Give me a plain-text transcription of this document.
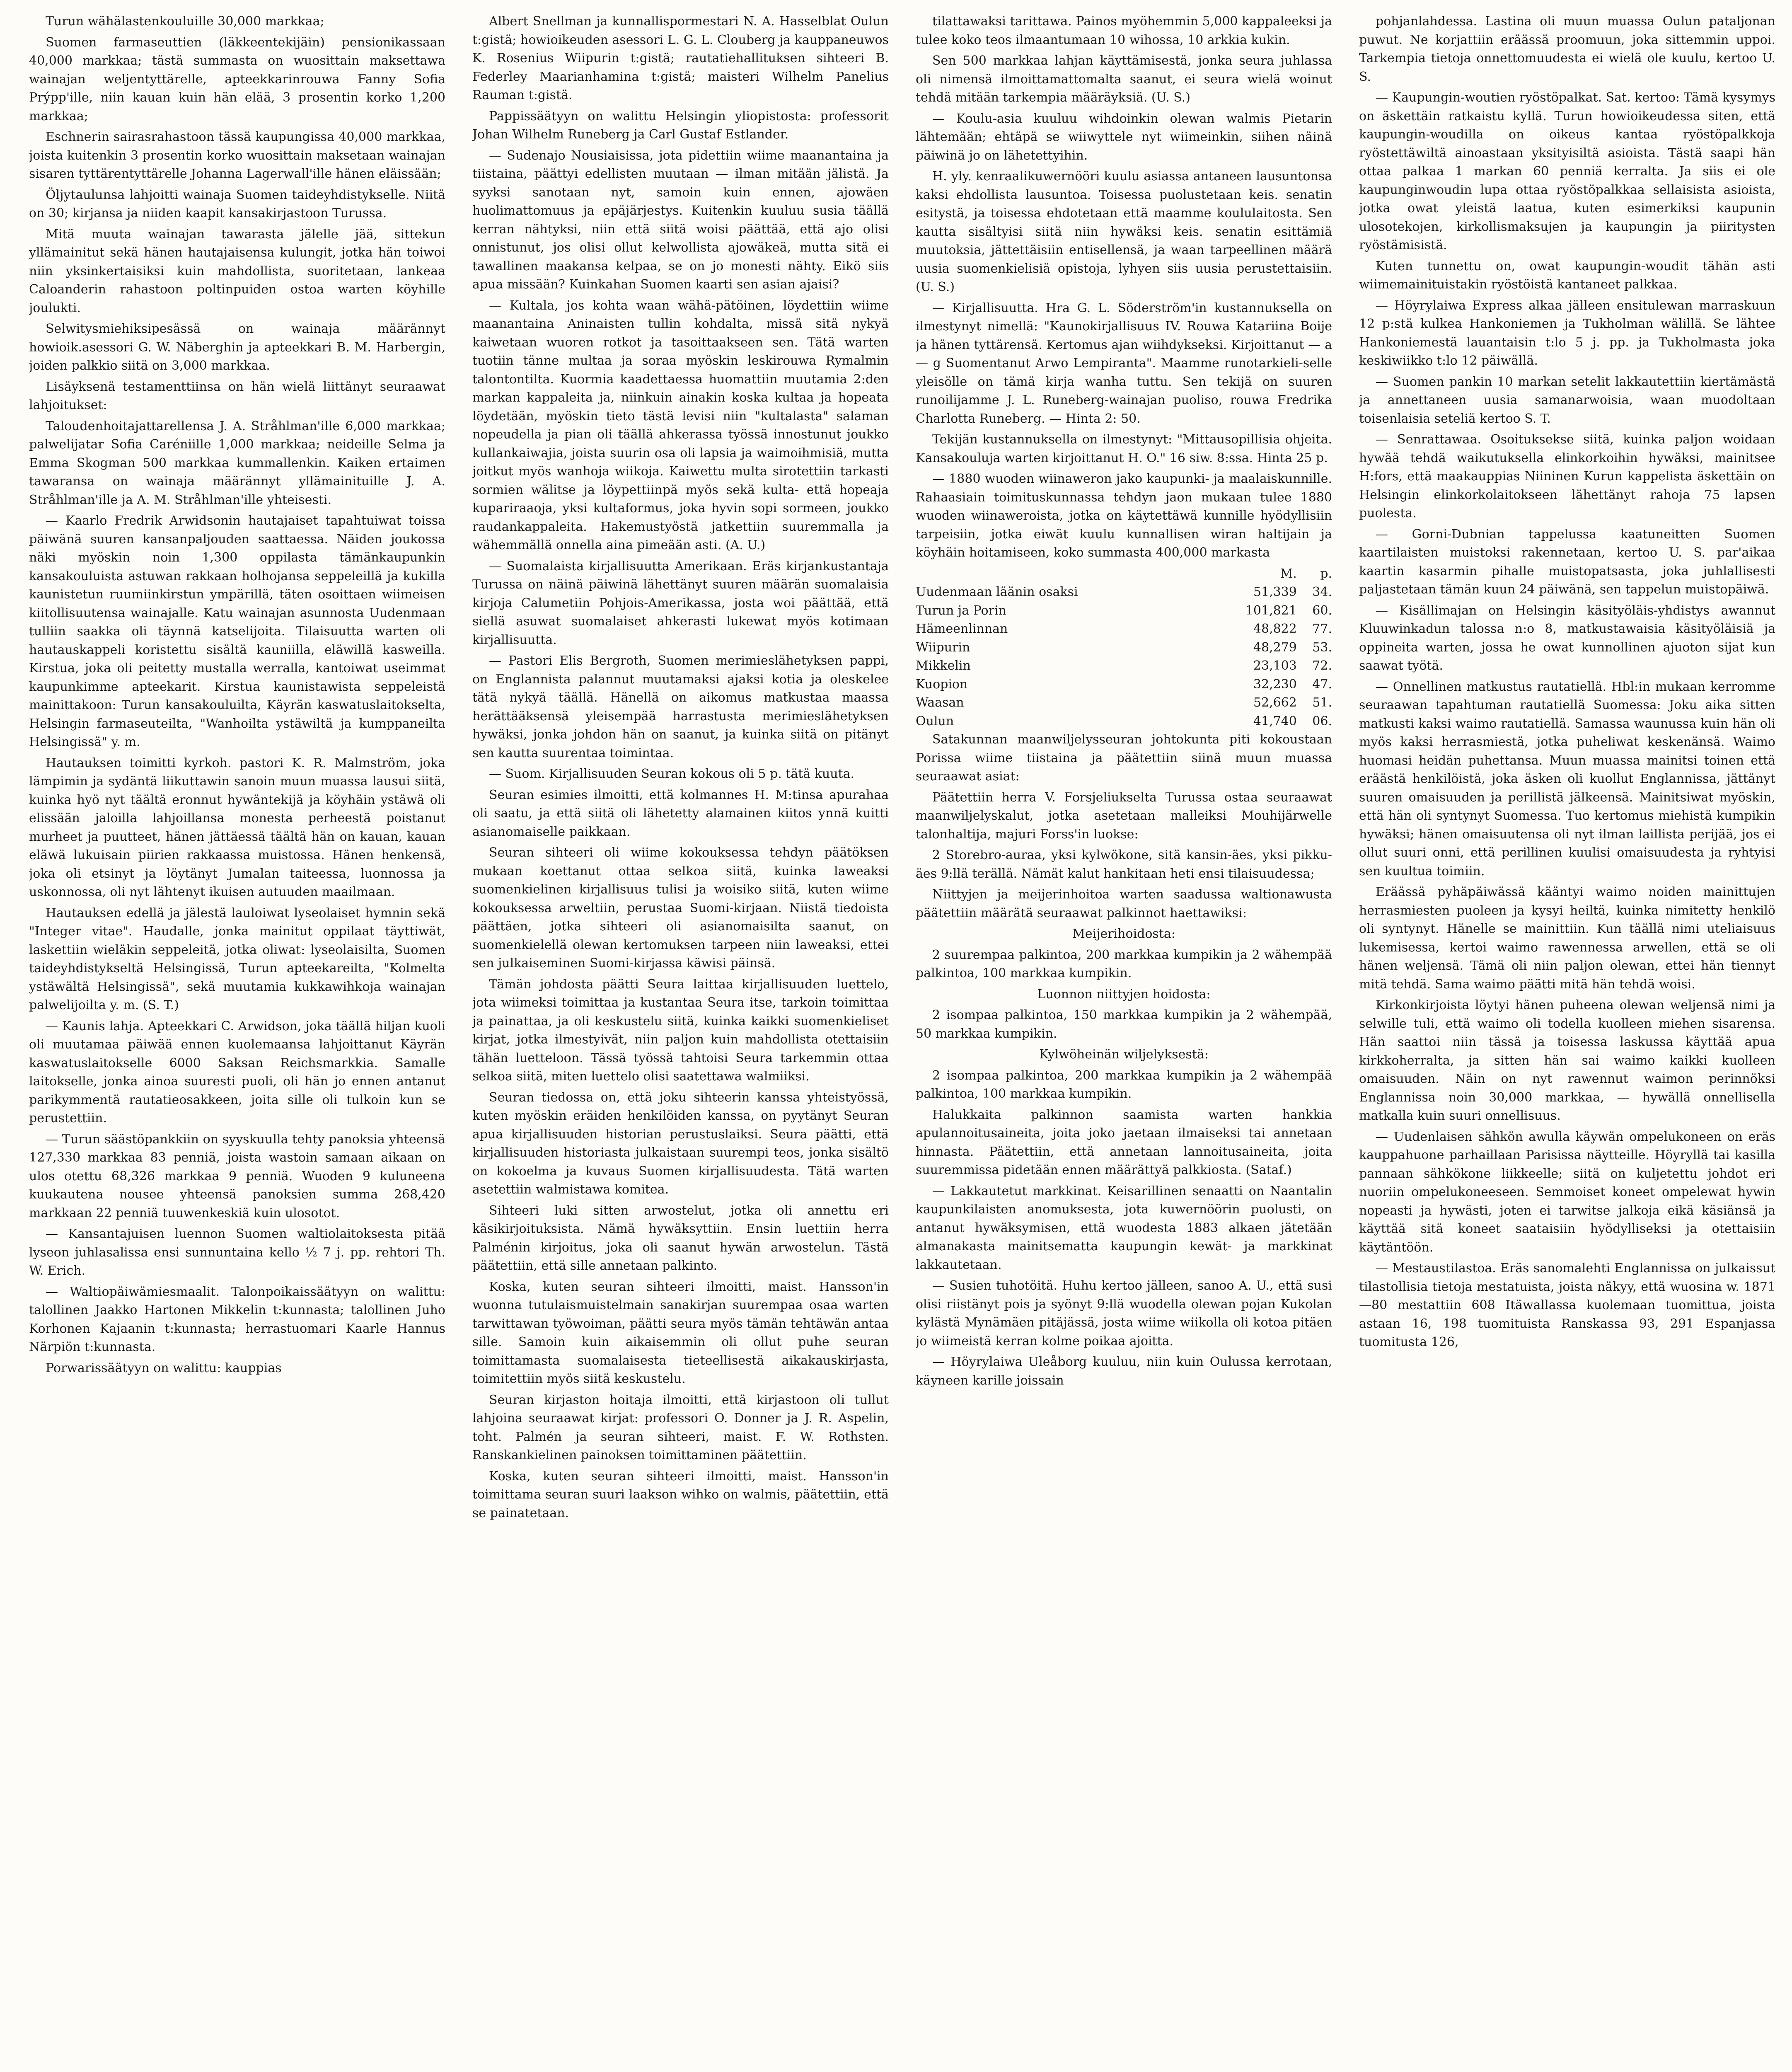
Turun wähälastenkouluille 30,000 markkaa;

Suomen farmaseuttien (läkkeentekijäin) pensionikassaan 40,000 markkaa; tästä summasta on wuosittain maksettawa wainajan weljentyttärelle, apteekkarinrouwa Fanny Sofia Prýpp'ille, niin kauan kuin hän elää, 3 prosentin korko 1,200 markkaa;

Eschnerin sairasrahastoon tässä kaupungissa 40,000 markkaa, joista kuitenkin 3 prosentin korko wuosittain maksetaan wainajan sisaren tyttärentyttärelle Johanna Lagerwall'ille hänen eläissään;

Öljytaulunsa lahjoitti wainaja Suomen taideyhdistykselle. Niitä on 30; kirjansa ja niiden kaapit kansakirjastoon Turussa.

Mitä muuta wainajan tawarasta jälelle jää, sittekun yllämainitut sekä hänen hautajaisensa kulungit, jotka hän toiwoi niin yksinkertaisiksi kuin mahdollista, suoritetaan, lankeaa Caloanderin rahastoon poltinpuiden ostoa warten köyhille joulukti.

Selwitysmiehiksipesässä on wainaja määrännyt howioik.asessori G. W. Näberghin ja apteekkari B. M. Harbergin, joiden palkkio siitä on 3,000 markkaa.

Lisäyksenä testamenttiinsa on hän wielä liittänyt seuraawat lahjoitukset:

Taloudenhoitajattarellensa J. A. Stråhlman'ille 6,000 markkaa; palwelijatar Sofia Caréniille 1,000 markkaa; neideille Selma ja Emma Skogman 500 markkaa kummallenkin. Kaiken ertaimen tawaransa on wainaja määrännyt yllämainituille J. A. Stråhlman'ille ja A. M. Stråhlman'ille yhteisesti.

— Kaarlo Fredrik Arwidsonin hautajaiset tapahtuiwat toissa päiwänä suuren kansanpaljouden saattaessa. Näiden joukossa näki myöskin noin 1,300 oppilasta tämänkaupunkin kansakouluista astuwan rakkaan holhojansa seppeleillä ja kukilla kaunistetun ruumiinkirstun ympärillä, täten osoittaen wiimeisen kiitollisuutensa wainajalle. Katu wainajan asunnosta Uudenmaan tulliin saakka oli täynnä katselijoita. Tilaisuutta warten oli hautauskappeli koristettu sisältä kauniilla, eläwillä kasweilla. Kirstua, joka oli peitetty mustalla werralla, kantoiwat useimmat kaupunkimme apteekarit. Kirstua kaunistawista seppeleistä mainittakoon: Turun kansakouluilta, Käyrän kaswatuslaitokselta, Helsingin farmaseuteilta, "Wanhoilta ystäwiltä ja kumppaneilta Helsingissä" y. m.

Hautauksen toimitti kyrkoh. pastori K. R. Malmström, joka lämpimin ja sydäntä liikuttawin sanoin muun muassa lausui siitä, kuinka hyö nyt täältä eronnut hywäntekijä ja köyhäin ystäwä oli elissään jaloilla lahjoillansa monesta perheestä poistanut murheet ja puutteet, hänen jättäessä täältä hän on kauan, kauan eläwä lukuisain piirien rakkaassa muistossa. Hänen henkensä, joka oli etsinyt ja löytänyt Jumalan taiteessa, luonnossa ja uskonnossa, oli nyt lähtenyt ikuisen autuuden maailmaan.

Hautauksen edellä ja jälestä lauloiwat lyseolaiset hymnin sekä "Integer vitae". Haudalle, jonka mainitut oppilaat täyttiwät, laskettiin wieläkin seppeleitä, jotka oliwat: lyseolaisilta, Suomen taideyhdistykseltä Helsingissä, Turun apteekareilta, "Kolmelta ystäwältä Helsingissä", sekä muutamia kukkawihkoja wainajan palwelijoilta y. m. (S. T.)

— Kaunis lahja. Apteekkari C. Arwidson, joka täällä hiljan kuoli oli muutamaa päiwää ennen kuolemaansa lahjoittanut Käyrän kaswatuslaitokselle 6000 Saksan Reichsmarkkia. Samalle laitokselle, jonka ainoa suuresti puoli, oli hän jo ennen antanut parikymmentä rautatieosakkeen, joita sille oli tulkoin kun se perustettiin.

— Turun säästöpankkiin on syyskuulla tehty panoksia yhteensä 127,330 markkaa 83 penniä, joista wastoin samaan aikaan on ulos otettu 68,326 markkaa 9 penniä. Wuoden 9 kuluneena kuukautena nousee yhteensä panoksien summa 268,420 markkaan 22 penniä tuuwenkeskiä kuin ulosotot.

— Kansantajuisen luennon Suomen waltiolaitoksesta pitää lyseon juhlasalissa ensi sunnuntaina kello ½ 7 j. pp. rehtori Th. W. Erich.

— Waltiopäiwämiesmaalit. Talonpoikaissäätyyn on walittu: talollinen Jaakko Hartonen Mikkelin t:kunnasta; talollinen Juho Korhonen Kajaanin t:kunnasta; herrastuomari Kaarle Hannus Närpiön t:kunnasta.

Porwarissäätyyn on walittu: kauppias

Albert Snellman ja kunnallispormestari N. A. Hasselblat Oulun t:gistä; howioikeuden asessori L. G. L. Clouberg ja kauppaneuwos K. Rosenius Wiipurin t:gistä; rautatiehallituksen sihteeri B. Federley Maarianhamina t:gistä; maisteri Wilhelm Panelius Rauman t:gistä.

Pappissäätyyn on walittu Helsingin yliopistosta: professorit Johan Wilhelm Runeberg ja Carl Gustaf Estlander.

— Sudenajo Nousiaisissa, jota pidettiin wiime maanantaina ja tiistaina, päättyi edellisten muutaan — ilman mitään jälistä. Ja syyksi sanotaan nyt, samoin kuin ennen, ajowäen huolimattomuus ja epäjärjestys. Kuitenkin kuuluu susia täällä kerran nähtyksi, niin että siitä woisi päättää, että ajo olisi onnistunut, jos olisi ollut kelwollista ajowäkeä, mutta sitä ei tawallinen maakansa kelpaa, se on jo monesti nähty. Eikö siis apua missään? Kuinkahan Suomen kaarti sen asian ajaisi?

— Kultala, jos kohta waan wähä-pätöinen, löydettiin wiime maanantaina Aninaisten tullin kohdalta, missä sitä nykyä kaiwetaan wuoren rotkot ja tasoittaakseen sen. Tätä warten tuotiin tänne multaa ja soraa myöskin leskirouwa Rymalmin talontontilta. Kuormia kaadettaessa huomattiin muutamia 2:den markan kappaleita ja, niinkuin ainakin koska kultaa ja hopeata löydetään, myöskin tieto tästä levisi niin "kultalasta" salaman nopeudella ja pian oli täällä ahkerassa työssä innostunut joukko kullankaiwajia, joista suurin osa oli lapsia ja waimoihmisiä, mutta joitkut myös wanhoja wiikoja. Kaiwettu multa sirotettiin tarkasti sormien wälitse ja löypettiinpä myös sekä kulta- että hopeaja kupariraaoja, yksi kultaformus, joka hyvin sopi sormeen, joukko raudankappaleita. Hakemustyöstä jatkettiin suuremmalla ja wähemmällä onnella aina pimeään asti. (A. U.)

— Suomalaista kirjallisuutta Amerikaan. Eräs kirjankustantaja Turussa on näinä päiwinä lähettänyt suuren määrän suomalaisia kirjoja Calumetiin Pohjois-Amerikassa, josta woi päättää, että siellä asuwat suomalaiset ahkerasti lukewat myös kotimaan kirjallisuutta.

— Pastori Elis Bergroth, Suomen merimieslähetyksen pappi, on Englannista palannut muutamaksi ajaksi kotia ja oleskelee tätä nykyä täällä. Hänellä on aikomus matkustaa maassa herättääksensä yleisempää harrastusta merimieslähetyksen hywäksi, jonka johdon hän on saanut, ja kuinka siitä on pitänyt sen kautta suurentaa toimintaa.

— Suom. Kirjallisuuden Seuran kokous oli 5 p. tätä kuuta.

Seuran esimies ilmoitti, että kolmannes H. M:tinsa apurahaa oli saatu, ja että siitä oli lähetetty alamainen kiitos ynnä kuitti asianomaiselle paikkaan.

Seuran sihteeri oli wiime kokouksessa tehdyn päätöksen mukaan koettanut ottaa selkoa siitä, kuinka laweaksi suomenkielinen kirjallisuus tulisi ja woisiko siitä, kuten wiime kokouksessa arweltiin, perustaa Suomi-kirjaan. Niistä tiedoista päättäen, jotka sihteeri oli asianomaisilta saanut, on suomenkielellä olewan kertomuksen tarpeen niin laweaksi, ettei sen julkaiseminen Suomi-kirjassa käwisi päinsä.

Tämän johdosta päätti Seura laittaa kirjallisuuden luettelo, jota wiimeksi toimittaa ja kustantaa Seura itse, tarkoin toimittaa ja painattaa, ja oli keskustelu siitä, kuinka kaikki suomenkieliset kirjat, jotka ilmestyivät, niin paljon kuin mahdollista otettaisiin tähän luetteloon. Tässä työssä tahtoisi Seura tarkemmin ottaa selkoa siitä, miten luettelo olisi saatettawa walmiiksi.

Seuran tiedossa on, että joku sihteerin kanssa yhteistyössä, kuten myöskin eräiden henkilöiden kanssa, on pyytänyt Seuran apua kirjallisuuden historian perustuslaiksi. Seura päätti, että kirjallisuuden historiasta julkaistaan suurempi teos, jonka sisältö on kokoelma ja kuvaus Suomen kirjallisuudesta. Tätä warten asetettiin walmistawa komitea.

Sihteeri luki sitten arwostelut, jotka oli annettu eri käsikirjoituksista. Nämä hywäksyttiin. Ensin luettiin herra Palménin kirjoitus, joka oli saanut hywän arwostelun. Tästä päätettiin, että sille annetaan palkinto.

Koska, kuten seuran sihteeri ilmoitti, maist. Hansson'in wuonna tutulaismuistelmain sanakirjan suurempaa osaa warten tarwittawan työwoiman, päätti seura myös tämän tehtäwän antaa sille. Samoin kuin aikaisemmin oli ollut puhe seuran toimittamasta suomalaisesta tieteellisestä aikakauskirjasta, toimitettiin myös siitä keskustelu.

Seuran kirjaston hoitaja ilmoitti, että kirjastoon oli tullut lahjoina seuraawat kirjat: professori O. Donner ja J. R. Aspelin, toht. Palmén ja seuran sihteeri, maist. F. W. Rothsten. Ranskankielinen painoksen toimittaminen päätettiin.

Koska, kuten seuran sihteeri ilmoitti, maist. Hansson'in toimittama seuran suuri laakson wihko on walmis, päätettiin, että se painatetaan.

tilattawaksi tarittawa. Painos myöhemmin 5,000 kappaleeksi ja tulee koko teos ilmaantumaan 10 wihossa, 10 arkkia kukin.

Sen 500 markkaa lahjan käyttämisestä, jonka seura juhlassa oli nimensä ilmoittamattomalta saanut, ei seura wielä woinut tehdä mitään tarkempia määräyksiä. (U. S.)

— Koulu-asia kuuluu wihdoinkin olewan walmis Pietarin lähtemään; ehtäpä se wiiwyttele nyt wiimeinkin, siihen näinä päiwinä jo on lähetettyihin.

H. yly. kenraalikuwernööri kuulu asiassa antaneen lausuntonsa kaksi ehdollista lausuntoa. Toisessa puolustetaan keis. senatin esitystä, ja toisessa ehdotetaan että maamme koululaitosta. Sen kautta sisältyisi siitä niin hywäksi keis. senatin esittämiä muutoksia, jättettäisiin entisellensä, ja waan tarpeellinen määrä uusia suomenkielisiä opistoja, lyhyen siis uusia perustettaisiin. (U. S.)

— Kirjallisuutta. Hra G. L. Söderström'in kustannuksella on ilmestynyt nimellä: "Kaunokirjallisuus IV. Rouwa Katariina Boije ja hänen tyttärensä. Kertomus ajan wiihdykseksi. Kirjoittanut — a — g Suomentanut Arwo Lempiranta". Maamme runotarkieli-selle yleisölle on tämä kirja wanha tuttu. Sen tekijä on suuren runoilijamme J. L. Runeberg-wainajan puoliso, rouwa Fredrika Charlotta Runeberg. — Hinta 2: 50.

Tekijän kustannuksella on ilmestynyt: "Mittausopillisia ohjeita. Kansakouluja warten kirjoittanut H. O." 16 siw. 8:ssa. Hinta 25 p.

— 1880 wuoden wiinaweron jako kaupunki- ja maalaiskunnille. Rahaasiain toimituskunnassa tehdyn jaon mukaan tulee 1880 wuoden wiinaweroista, jotka on käytettäwä kunnille hyödyllisiin tarpeisiin, jotka eiwät kuulu kunnallisen wiran haltijain ja köyhäin hoitamiseen, koko summasta 400,000 markasta

	M.	p.
Uudenmaan läänin osaksi	51,339	34.
Turun ja Porin	101,821	60.
Hämeenlinnan	48,822	77.
Wiipurin	48,279	53.
Mikkelin	23,103	72.
Kuopion	32,230	47.
Waasan	52,662	51.
Oulun	41,740	06.

Satakunnan maanwiljelysseuran johtokunta piti kokoustaan Porissa wiime tiistaina ja päätettiin siinä muun muassa seuraawat asiat:

Päätettiin herra V. Forsjeliukselta Turussa ostaa seuraawat maanwiljelyskalut, jotka asetetaan malleiksi Mouhijärwelle talonhaltija, majuri Forss'in luokse:

2 Storebro-auraa, yksi kylwökone, sitä kansin-äes, yksi pikku-äes 9:llä terällä. Nämät kalut hankitaan heti ensi tilaisuudessa;

Niittyjen ja meijerinhoitoa warten saadussa waltionawusta päätettiin määrätä seuraawat palkinnot haettawiksi:

Meijerihoidosta:

2 suurempaa palkintoa, 200 markkaa kumpikin ja 2 wähempää palkintoa, 100 markkaa kumpikin.

Luonnon niittyjen hoidosta:

2 isompaa palkintoa, 150 markkaa kumpikin ja 2 wähempää, 50 markkaa kumpikin.

Kylwöheinän wiljelyksestä:

2 isompaa palkintoa, 200 markkaa kumpikin ja 2 wähempää palkintoa, 100 markkaa kumpikin.

Halukkaita palkinnon saamista warten hankkia apulannoitusaineita, joita joko jaetaan ilmaiseksi tai annetaan hinnasta. Päätettiin, että annetaan lannoitusaineita, joita suuremmissa pidetään ennen määrättyä palkkiosta. (Sataf.)

— Lakkautetut markkinat. Keisarillinen senaatti on Naantalin kaupunkilaisten anomuksesta, jota kuwernöörin puolusti, on antanut hywäksymisen, että wuodesta 1883 alkaen jätetään almanakasta mainitsematta kaupungin kewät- ja markkinat lakkautetaan.

— Susien tuhotöitä. Huhu kertoo jälleen, sanoo A. U., että susi olisi riistänyt pois ja syönyt 9:llä wuodella olewan pojan Kukolan kylästä Mynämäen pitäjässä, josta wiime wiikolla oli kotoa pitäen jo wiimeistä kerran kolme poikaa ajoitta.

— Höyrylaiwa Uleåborg kuuluu, niin kuin Oulussa kerrotaan, käyneen karille joissain

pohjanlahdessa. Lastina oli muun muassa Oulun pataljonan puwut. Ne korjattiin eräässä proomuun, joka sittemmin uppoi. Tarkempia tietoja onnettomuudesta ei wielä ole kuulu, kertoo U. S.

— Kaupungin-woutien ryöstöpalkat. Sat. kertoo: Tämä kysymys on äskettäin ratkaistu kyllä. Turun howioikeudessa siten, että kaupungin-woudilla on oikeus kantaa ryöstöpalkkoja ryöstettäwiltä ainoastaan yksityisiltä asioista. Tästä saapi hän ottaa palkaa 1 markan 60 penniä kerralta. Ja siis ei ole kaupunginwoudin lupa ottaa ryöstöpalkkaa sellaisista asioista, jotka owat yleistä laatua, kuten esimerkiksi kaupunin ulosotekojen, kirkollismaksujen ja kaupungin ja piiritysten ryöstämisistä.

Kuten tunnettu on, owat kaupungin-woudit tähän asti wiimemainituistakin ryöstöistä kantaneet palkkaa.

— Höyrylaiwa Express alkaa jälleen ensitulewan marraskuun 12 p:stä kulkea Hankoniemen ja Tukholman wälillä. Se lähtee Hankoniemestä lauantaisin t:lo 5 j. pp. ja Tukholmasta joka keskiwiikko t:lo 12 päiwällä.

— Suomen pankin 10 markan setelit lakkautettiin kiertämästä ja annettaneen uusia samanarwoisia, waan muodoltaan toisenlaisia seteliä kertoo S. T.

— Senrattawaa. Osoituksekse siitä, kuinka paljon woidaan hywää tehdä waikutuksella elinkorkoihin hywäksi, mainitsee H:fors, että maakauppias Niininen Kurun kappelista äskettäin on Helsingin elinkorkolaitokseen lähettänyt rahoja 75 lapsen puolesta.

— Gorni-Dubnian tappelussa kaatuneitten Suomen kaartilaisten muistoksi rakennetaan, kertoo U. S. par'aikaa kaartin kasarmin pihalle muistopatsasta, joka juhlallisesti paljastetaan tämän kuun 24 päiwänä, sen tappelun muistopäiwä.

— Kisällimajan on Helsingin käsityöläis-yhdistys awannut Kluuwinkadun talossa n:o 8, matkustawaisia käsityöläisiä ja oppineita warten, jossa he owat kunnollinen ajuoton sijat kun saawat työtä.

— Onnellinen matkustus rautatiellä. Hbl:in mukaan kerromme seuraawan tapahtuman rautatiellä Suomessa: Joku aika sitten matkusti kaksi waimo rautatiellä. Samassa waunussa kuin hän oli myös kaksi herrasmiestä, jotka puheliwat keskenänsä. Waimo huomasi heidän puhettansa. Muun muassa mainitsi toinen että eräästä henkilöistä, joka äsken oli kuollut Englannissa, jättänyt suuren omaisuuden ja perillistä jälkeensä. Mainitsiwat myöskin, että hän oli syntynyt Suomessa. Tuo kertomus miehistä kumpikin hywäksi; hänen omaisuutensa oli nyt ilman laillista perijää, jos ei ollut suuri onni, että perillinen kuulisi omaisuudesta ja ryhtyisi sen kuultua toimiin.

Eräässä pyhäpäiwässä kääntyi waimo noiden mainittujen herrasmiesten puoleen ja kysyi heiltä, kuinka nimitetty henkilö oli syntynyt. Hänelle se mainittiin. Kun täällä nimi uteliaisuus lukemisessa, kertoi waimo rawennessa arwellen, että se oli hänen weljensä. Tämä oli niin paljon olewan, ettei hän tiennyt mitä tehdä. Sama waimo päätti mitä hän tehdä woisi.

Kirkonkirjoista löytyi hänen puheena olewan weljensä nimi ja selwille tuli, että waimo oli todella kuolleen miehen sisarensa. Hän saattoi niin tässä ja toisessa laskussa käyttää apua kirkkoherralta, ja sitten hän sai waimo kaikki kuolleen omaisuuden. Näin on nyt rawennut waimon perinnöksi Englannissa noin 30,000 markkaa, — hywällä onnellisella matkalla kuin suuri onnellisuus.

— Uudenlaisen sähkön awulla käywän ompelukoneen on eräs kauppahuone parhaillaan Parisissa näytteille. Höyryllä tai kasilla pannaan sähkökone liikkeelle; siitä on kuljetettu johdot eri nuoriin ompelukoneeseen. Semmoiset koneet ompelewat hywin nopeasti ja hywästi, joten ei tarwitse jalkoja eikä käsiänsä ja käyttää sitä koneet saataisiin hyödylliseksi ja otettaisiin käytäntöön.

— Mestaustilastoa. Eräs sanomalehti Englannissa on julkaissut tilastollisia tietoja mestatuista, joista näkyy, että wuosina w. 1871—80 mestattiin 608 Itäwallassa kuolemaan tuomittua, joista astaan 16, 198 tuomituista Ranskassa 93, 291 Espanjassa tuomitusta 126,
